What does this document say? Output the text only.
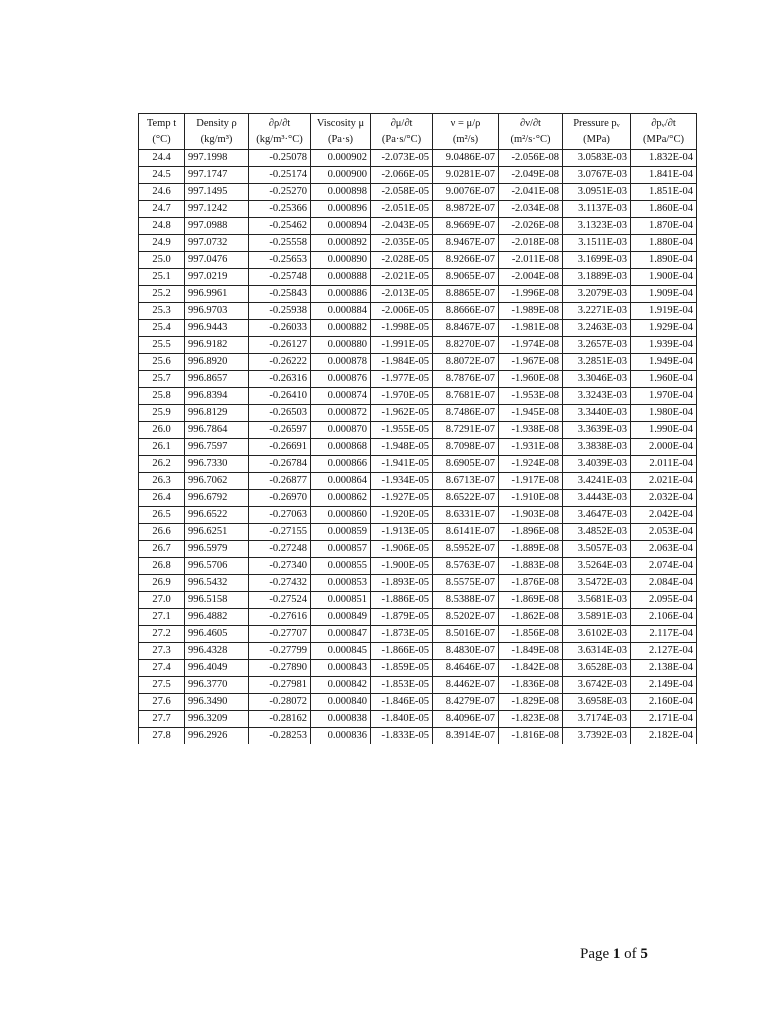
Temp t	Density ρ	∂ρ/∂t	Viscosity μ	∂μ/∂t	ν = μ/ρ	∂ν/∂t	Pressure pᵥ	∂pᵥ/∂t
(°C)	(kg/m³)	(kg/m³·°C)	(Pa·s)	(Pa·s/°C)	(m²/s)	(m²/s·°C)	(MPa)	(MPa/°C)
24.4	997.1998	-0.25078	0.000902	-2.073E-05	9.0486E-07	-2.056E-08	3.0583E-03	1.832E-04
24.5	997.1747	-0.25174	0.000900	-2.066E-05	9.0281E-07	-2.049E-08	3.0767E-03	1.841E-04
24.6	997.1495	-0.25270	0.000898	-2.058E-05	9.0076E-07	-2.041E-08	3.0951E-03	1.851E-04
24.7	997.1242	-0.25366	0.000896	-2.051E-05	8.9872E-07	-2.034E-08	3.1137E-03	1.860E-04
24.8	997.0988	-0.25462	0.000894	-2.043E-05	8.9669E-07	-2.026E-08	3.1323E-03	1.870E-04
24.9	997.0732	-0.25558	0.000892	-2.035E-05	8.9467E-07	-2.018E-08	3.1511E-03	1.880E-04
25.0	997.0476	-0.25653	0.000890	-2.028E-05	8.9266E-07	-2.011E-08	3.1699E-03	1.890E-04
25.1	997.0219	-0.25748	0.000888	-2.021E-05	8.9065E-07	-2.004E-08	3.1889E-03	1.900E-04
25.2	996.9961	-0.25843	0.000886	-2.013E-05	8.8865E-07	-1.996E-08	3.2079E-03	1.909E-04
25.3	996.9703	-0.25938	0.000884	-2.006E-05	8.8666E-07	-1.989E-08	3.2271E-03	1.919E-04
25.4	996.9443	-0.26033	0.000882	-1.998E-05	8.8467E-07	-1.981E-08	3.2463E-03	1.929E-04
25.5	996.9182	-0.26127	0.000880	-1.991E-05	8.8270E-07	-1.974E-08	3.2657E-03	1.939E-04
25.6	996.8920	-0.26222	0.000878	-1.984E-05	8.8072E-07	-1.967E-08	3.2851E-03	1.949E-04
25.7	996.8657	-0.26316	0.000876	-1.977E-05	8.7876E-07	-1.960E-08	3.3046E-03	1.960E-04
25.8	996.8394	-0.26410	0.000874	-1.970E-05	8.7681E-07	-1.953E-08	3.3243E-03	1.970E-04
25.9	996.8129	-0.26503	0.000872	-1.962E-05	8.7486E-07	-1.945E-08	3.3440E-03	1.980E-04
26.0	996.7864	-0.26597	0.000870	-1.955E-05	8.7291E-07	-1.938E-08	3.3639E-03	1.990E-04
26.1	996.7597	-0.26691	0.000868	-1.948E-05	8.7098E-07	-1.931E-08	3.3838E-03	2.000E-04
26.2	996.7330	-0.26784	0.000866	-1.941E-05	8.6905E-07	-1.924E-08	3.4039E-03	2.011E-04
26.3	996.7062	-0.26877	0.000864	-1.934E-05	8.6713E-07	-1.917E-08	3.4241E-03	2.021E-04
26.4	996.6792	-0.26970	0.000862	-1.927E-05	8.6522E-07	-1.910E-08	3.4443E-03	2.032E-04
26.5	996.6522	-0.27063	0.000860	-1.920E-05	8.6331E-07	-1.903E-08	3.4647E-03	2.042E-04
26.6	996.6251	-0.27155	0.000859	-1.913E-05	8.6141E-07	-1.896E-08	3.4852E-03	2.053E-04
26.7	996.5979	-0.27248	0.000857	-1.906E-05	8.5952E-07	-1.889E-08	3.5057E-03	2.063E-04
26.8	996.5706	-0.27340	0.000855	-1.900E-05	8.5763E-07	-1.883E-08	3.5264E-03	2.074E-04
26.9	996.5432	-0.27432	0.000853	-1.893E-05	8.5575E-07	-1.876E-08	3.5472E-03	2.084E-04
27.0	996.5158	-0.27524	0.000851	-1.886E-05	8.5388E-07	-1.869E-08	3.5681E-03	2.095E-04
27.1	996.4882	-0.27616	0.000849	-1.879E-05	8.5202E-07	-1.862E-08	3.5891E-03	2.106E-04
27.2	996.4605	-0.27707	0.000847	-1.873E-05	8.5016E-07	-1.856E-08	3.6102E-03	2.117E-04
27.3	996.4328	-0.27799	0.000845	-1.866E-05	8.4830E-07	-1.849E-08	3.6314E-03	2.127E-04
27.4	996.4049	-0.27890	0.000843	-1.859E-05	8.4646E-07	-1.842E-08	3.6528E-03	2.138E-04
27.5	996.3770	-0.27981	0.000842	-1.853E-05	8.4462E-07	-1.836E-08	3.6742E-03	2.149E-04
27.6	996.3490	-0.28072	0.000840	-1.846E-05	8.4279E-07	-1.829E-08	3.6958E-03	2.160E-04
27.7	996.3209	-0.28162	0.000838	-1.840E-05	8.4096E-07	-1.823E-08	3.7174E-03	2.171E-04
27.8	996.2926	-0.28253	0.000836	-1.833E-05	8.3914E-07	-1.816E-08	3.7392E-03	2.182E-04
Page 1 of 5
